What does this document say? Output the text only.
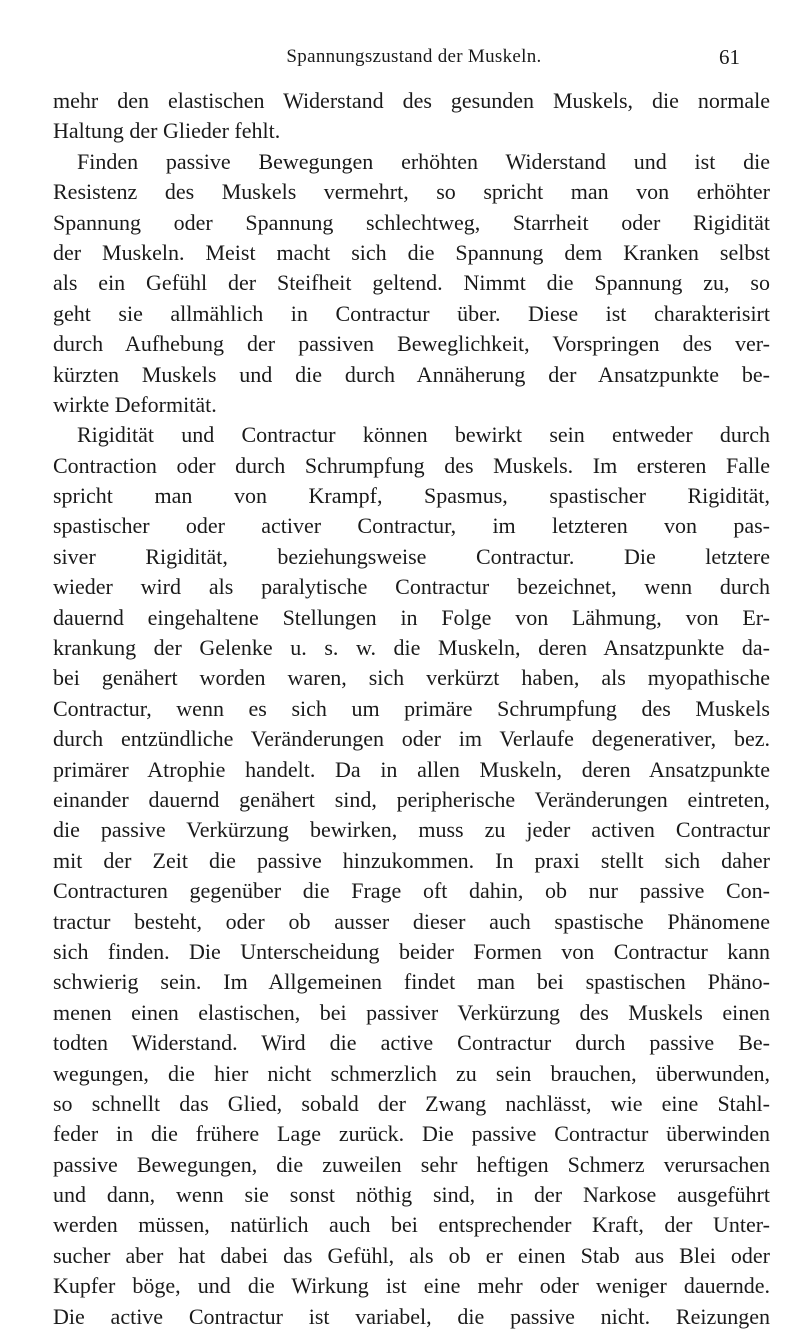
Spannungszustand der Muskeln.	61
mehr den elastischen Widerstand des gesunden Muskels, die normale
Haltung der Glieder fehlt.
Finden passive Bewegungen erhöhten Widerstand und ist die
Resistenz des Muskels vermehrt, so spricht man von erhöhter
Spannung oder Spannung schlechtweg, Starrheit oder Rigidität
der Muskeln. Meist macht sich die Spannung dem Kranken selbst
als ein Gefühl der Steifheit geltend. Nimmt die Spannung zu, so
geht sie allmählich in Contractur über. Diese ist charakterisirt
durch Aufhebung der passiven Beweglichkeit, Vorspringen des ver-
kürzten Muskels und die durch Annäherung der Ansatzpunkte be-
wirkte Deformität.
Rigidität und Contractur können bewirkt sein entweder durch
Contraction oder durch Schrumpfung des Muskels. Im ersteren Falle
spricht man von Krampf, Spasmus, spastischer Rigidität,
spastischer oder activer Contractur, im letzteren von pas-
siver Rigidität, beziehungsweise Contractur. Die letztere
wieder wird als paralytische Contractur bezeichnet, wenn durch
dauernd eingehaltene Stellungen in Folge von Lähmung, von Er-
krankung der Gelenke u. s. w. die Muskeln, deren Ansatzpunkte da-
bei genähert worden waren, sich verkürzt haben, als myopathische
Contractur, wenn es sich um primäre Schrumpfung des Muskels
durch entzündliche Veränderungen oder im Verlaufe degenerativer, bez.
primärer Atrophie handelt. Da in allen Muskeln, deren Ansatzpunkte
einander dauernd genähert sind, peripherische Veränderungen eintreten,
die passive Verkürzung bewirken, muss zu jeder activen Contractur
mit der Zeit die passive hinzukommen. In praxi stellt sich daher
Contracturen gegenüber die Frage oft dahin, ob nur passive Con-
tractur besteht, oder ob ausser dieser auch spastische Phänomene
sich finden. Die Unterscheidung beider Formen von Contractur kann
schwierig sein. Im Allgemeinen findet man bei spastischen Phäno-
menen einen elastischen, bei passiver Verkürzung des Muskels einen
todten Widerstand. Wird die active Contractur durch passive Be-
wegungen, die hier nicht schmerzlich zu sein brauchen, überwunden,
so schnellt das Glied, sobald der Zwang nachlässt, wie eine Stahl-
feder in die frühere Lage zurück. Die passive Contractur überwinden
passive Bewegungen, die zuweilen sehr heftigen Schmerz verursachen
und dann, wenn sie sonst nöthig sind, in der Narkose ausgeführt
werden müssen, natürlich auch bei entsprechender Kraft, der Unter-
sucher aber hat dabei das Gefühl, als ob er einen Stab aus Blei oder
Kupfer böge, und die Wirkung ist eine mehr oder weniger dauernde.
Die active Contractur ist variabel, die passive nicht. Reizungen
